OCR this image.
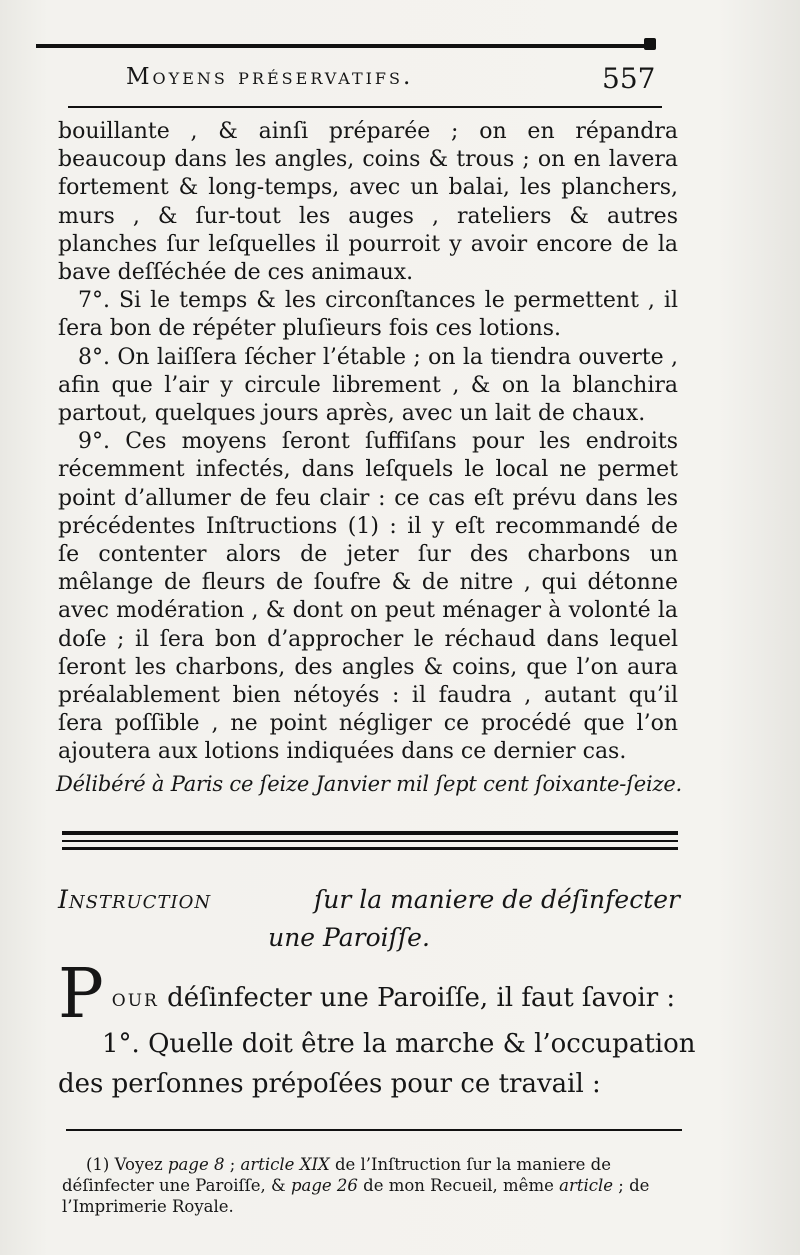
Moyens préservatifs.	557

bouillante , & ainſi préparée ; on en répandra beaucoup dans les angles, coins & trous ; on en lavera fortement & long-temps, avec un balai, les planchers, murs , & ſur-tout les auges , rateliers & autres planches ſur leſquelles il pourroit y avoir encore de la bave deſſéchée de ces animaux.

7°. Si le temps & les circonſtances le permettent , il ſera bon de répéter pluſieurs fois ces lotions.

8°. On laiſſera ſécher l’étable ; on la tiendra ouverte , afin que l’air y circule librement , & on la blanchira partout, quelques jours après, avec un lait de chaux.

9°. Ces moyens ſeront ſuffiſans pour les endroits récemment infectés, dans leſquels le local ne permet point d’allumer de feu clair : ce cas eſt prévu dans les précédentes Inſtructions (1) : il y eſt recommandé de ſe contenter alors de jeter ſur des charbons un mêlange de fleurs de ſoufre & de nitre , qui détonne avec modération , & dont on peut ménager à volonté la doſe ; il ſera bon d’approcher le réchaud dans lequel ſeront les charbons, des angles & coins, que l’on aura préalablement bien nétoyés : il faudra , autant qu’il ſera poſſible , ne point négliger ce procédé que l’on ajoutera aux lotions indiquées dans ce dernier cas.

Délibéré à Paris ce ſeize Janvier mil ſept cent ſoixante-ſeize.
Instruction	ſur la maniere de déſinfecter
une Paroiſſe.
P our déſinfecter une Paroiſſe, il faut ſavoir :

1°. Quelle doit être la marche & l’occupation

des perſonnes prépoſées pour ce travail :

(1) Voyez page 8 ; article XIX de l’Inſtruction ſur la maniere de

déſinfecter une Paroiſſe, & page 26 de mon Recueil, même article ; de

l’Imprimerie Royale.
